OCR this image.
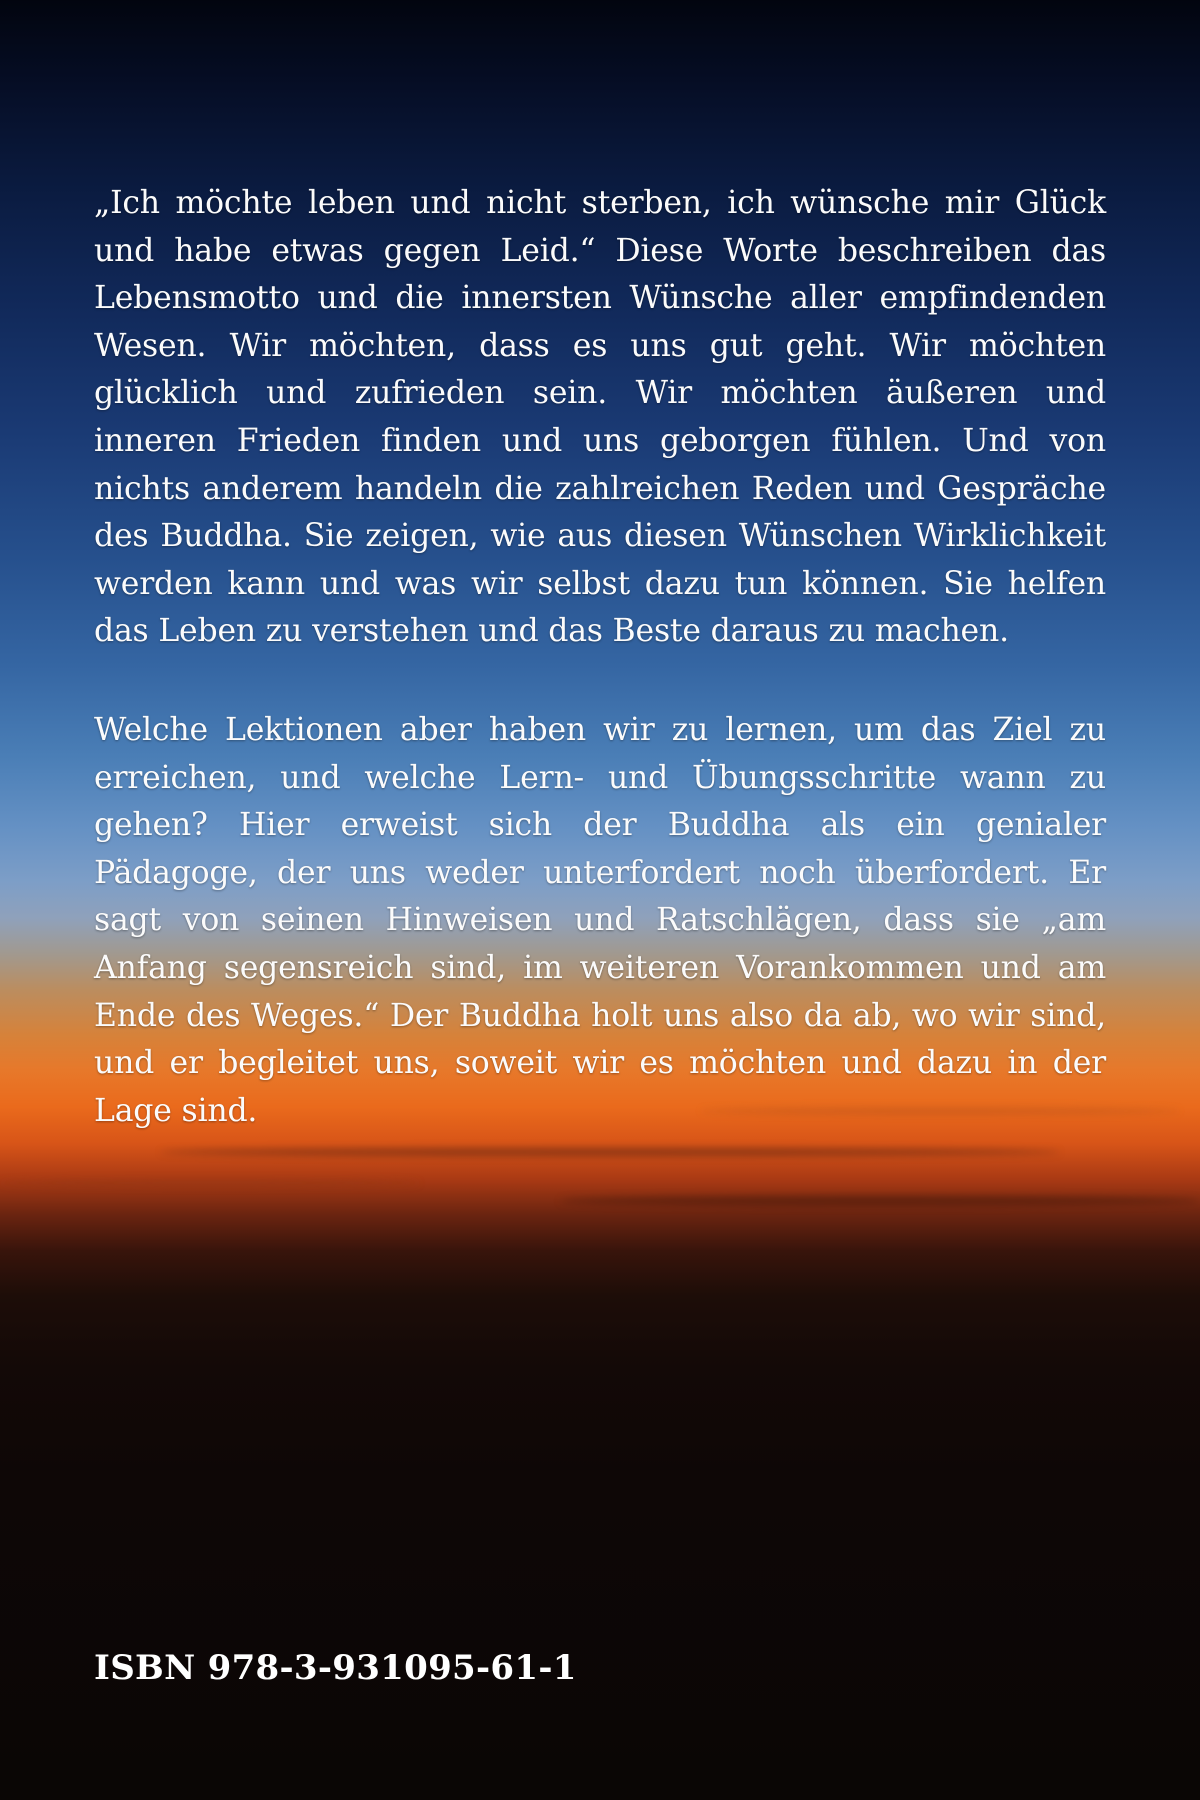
„Ich möchte leben und nicht sterben, ich wünsche mir Glück und habe etwas gegen Leid.“ Diese Worte beschreiben das Lebensmotto und die innersten Wünsche aller empfindenden Wesen. Wir möchten, dass es uns gut geht. Wir möchten glücklich und zufrieden sein. Wir möchten äußeren und inneren Frieden finden und uns geborgen fühlen. Und von nichts anderem handeln die zahlreichen Reden und Gespräche des Buddha. Sie zeigen, wie aus diesen Wünschen Wirklichkeit werden kann und was wir selbst dazu tun können. Sie helfen das Leben zu verstehen und das Beste daraus zu machen.

Welche Lektionen aber haben wir zu lernen, um das Ziel zu erreichen, und welche Lern- und Übungsschritte wann zu gehen? Hier erweist sich der Buddha als ein genialer Pädagoge, der uns weder unterfordert noch überfordert. Er sagt von seinen Hinweisen und Ratschlägen, dass sie „am Anfang segensreich sind, im weiteren Vorankommen und am Ende des Weges.“ Der Buddha holt uns also da ab, wo wir sind, und er begleitet uns, soweit wir es möchten und dazu in der Lage sind.

ISBN 978-3-931095-61-1
